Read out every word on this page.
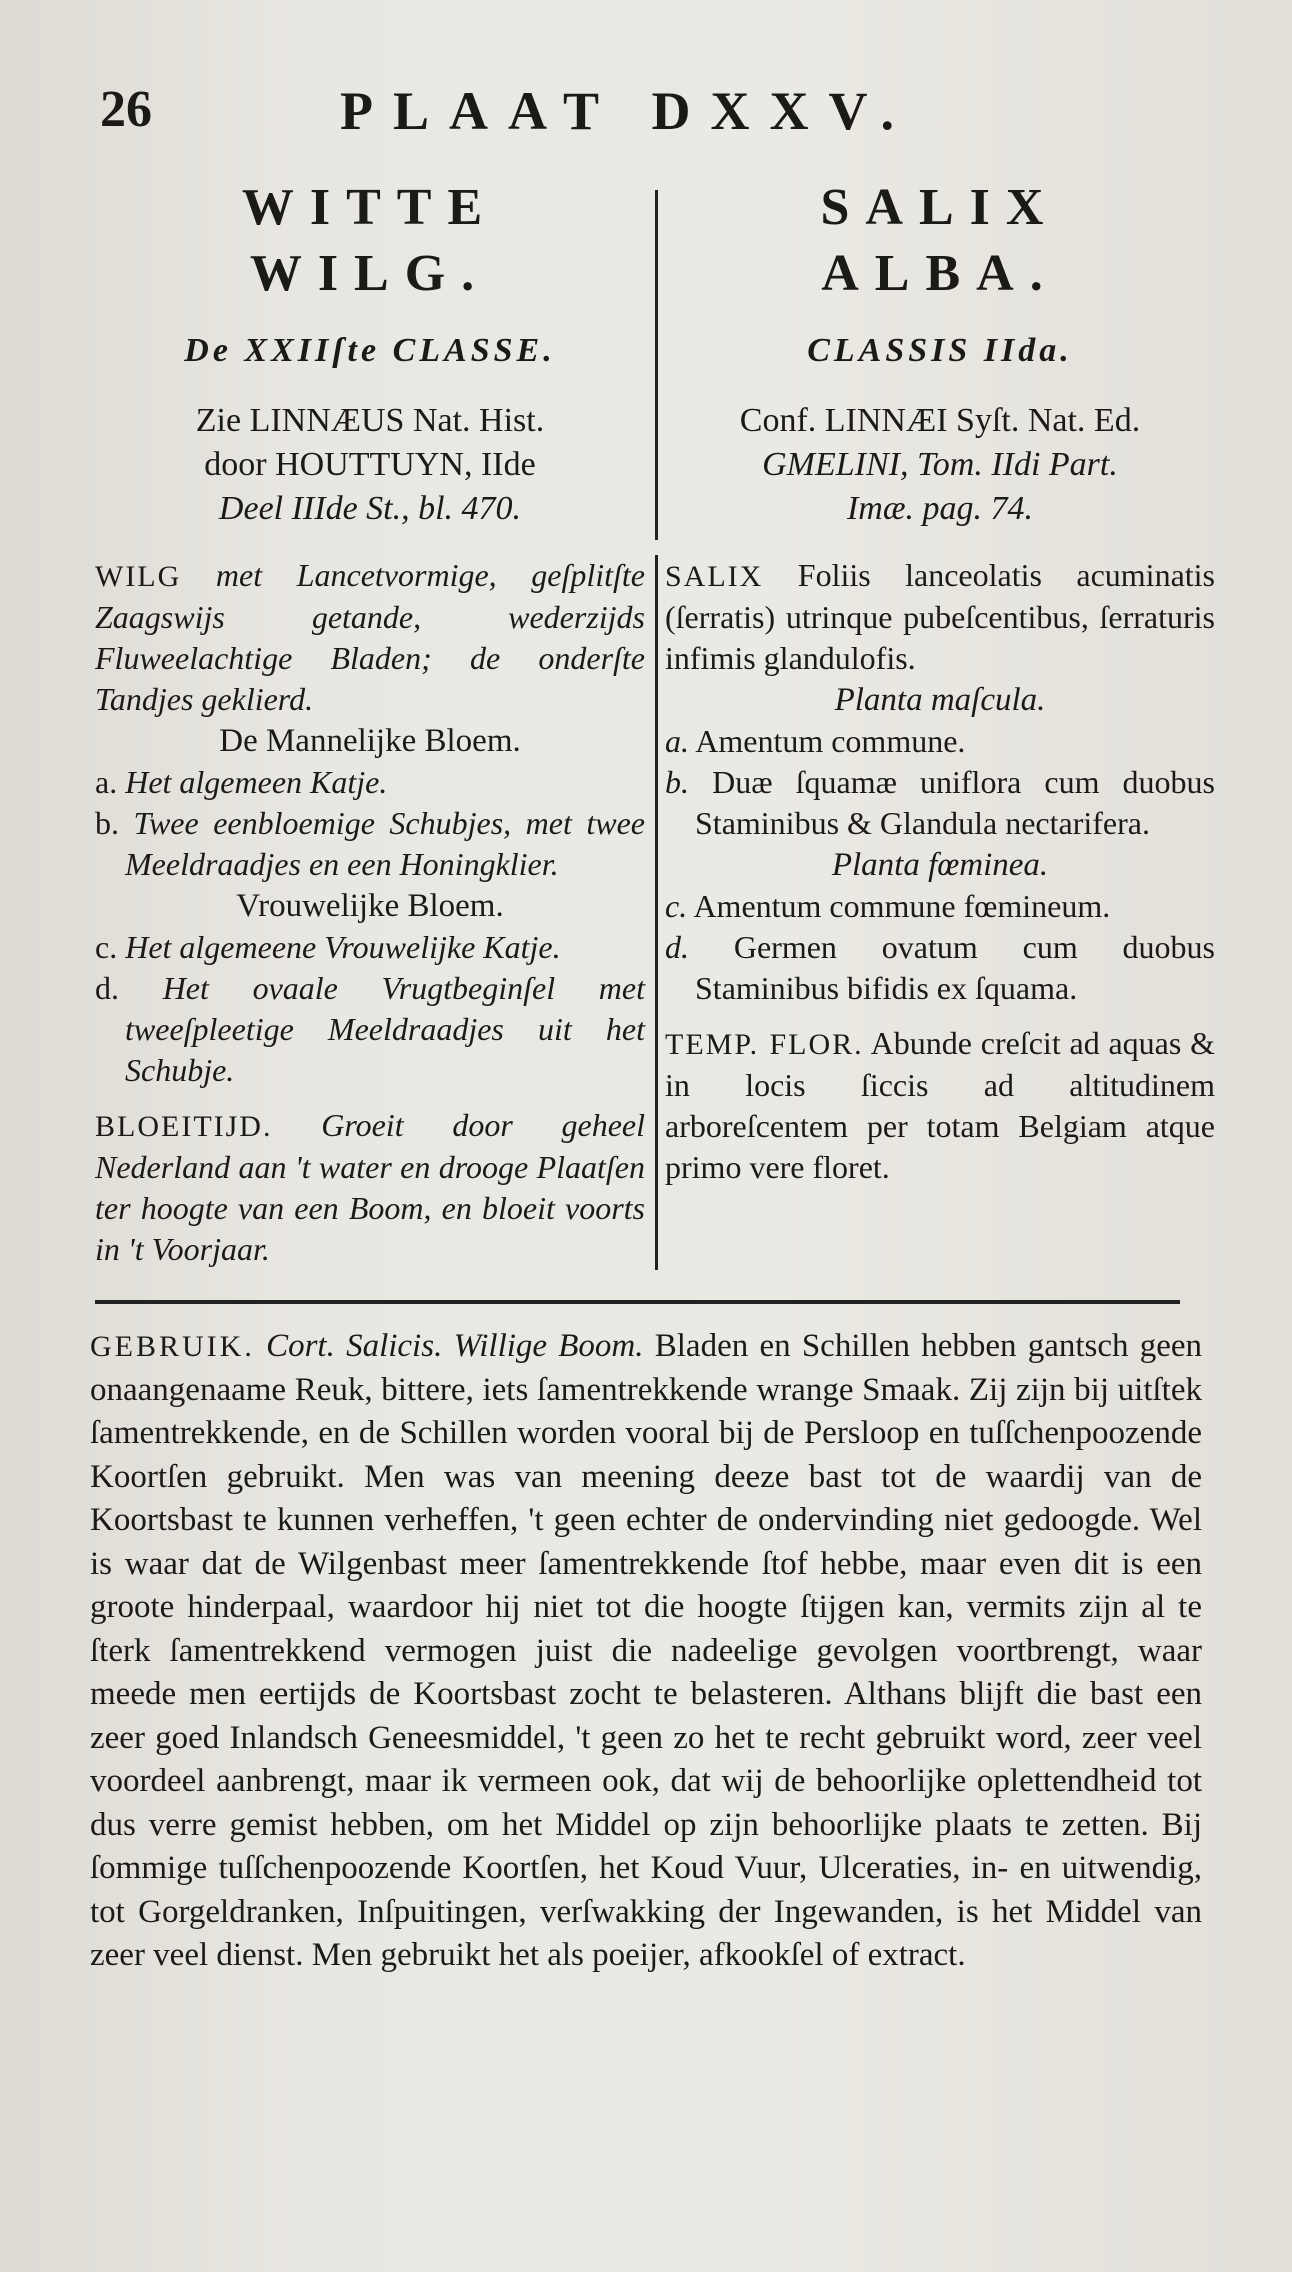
26	PLAAT DXXV.
WITTE
WILG.
De XXIIſte CLASSE.
Zie LINNÆUS Nat. Hist.
door HOUTTUYN, IIde
Deel IIIde St., bl. 470.
WILG met Lancetvormige, geſplitſte Zaagswijs getande, wederzijds Fluweelachtige Bladen; de onderſte Tandjes geklierd.
De Mannelijke Bloem.
a. Het algemeen Katje.
b. Twee eenbloemige Schubjes, met twee Meeldraadjes en een Honingklier.
Vrouwelijke Bloem.
c. Het algemeene Vrouwelijke Katje.
d. Het ovaale Vrugtbeginſel met tweeſpleetige Meeldraadjes uit het Schubje.
BLOEITIJD. Groeit door geheel Nederland aan 't water en drooge Plaatſen ter hoogte van een Boom, en bloeit voorts in 't Voorjaar.
SALIX
ALBA.
CLASSIS IIda.
Conf. LINNÆI Syſt. Nat. Ed.
GMELINI, Tom. IIdi Part.
Imæ. pag. 74.
SALIX Foliis lanceolatis acuminatis (ſerratis) utrinque pubeſcentibus, ſerraturis infimis glandulofis.
Planta maſcula.
a. Amentum commune.
b. Duæ ſquamæ uniflora cum duobus Staminibus & Glandula nectarifera.
Planta fœminea.
c. Amentum commune fœmineum.
d. Germen ovatum cum duobus Staminibus bifidis ex ſquama.
TEMP. FLOR. Abunde creſcit ad aquas & in locis ſiccis ad altitudinem arboreſcentem per totam Belgiam atque primo vere floret.
GEBRUIK. Cort. Salicis. Willige Boom. Bladen en Schillen hebben gantsch geen onaangenaame Reuk, bittere, iets ſamentrekkende wrange Smaak. Zij zijn bij uitſtek ſamentrekkende, en de Schillen worden vooral bij de Persloop en tuſſchenpoozende Koortſen gebruikt. Men was van meening deeze bast tot de waardij van de Koortsbast te kunnen verheffen, 't geen echter de ondervinding niet gedoogde. Wel is waar dat de Wilgenbast meer ſamentrekkende ſtof hebbe, maar even dit is een groote hinderpaal, waardoor hij niet tot die hoogte ſtijgen kan, vermits zijn al te ſterk ſamentrekkend vermogen juist die nadeelige gevolgen voortbrengt, waar meede men eertijds de Koortsbast zocht te belasteren. Althans blijft die bast een zeer goed Inlandsch Geneesmiddel, 't geen zo het te recht gebruikt word, zeer veel voordeel aanbrengt, maar ik vermeen ook, dat wij de behoorlijke oplettendheid tot dus verre gemist hebben, om het Middel op zijn behoorlijke plaats te zetten. Bij ſommige tuſſchenpoozende Koortſen, het Koud Vuur, Ulceraties, in- en uitwendig, tot Gorgeldranken, Inſpuitingen, verſwakking der Ingewanden, is het Middel van zeer veel dienst. Men gebruikt het als poeijer, afkookſel of extract.
